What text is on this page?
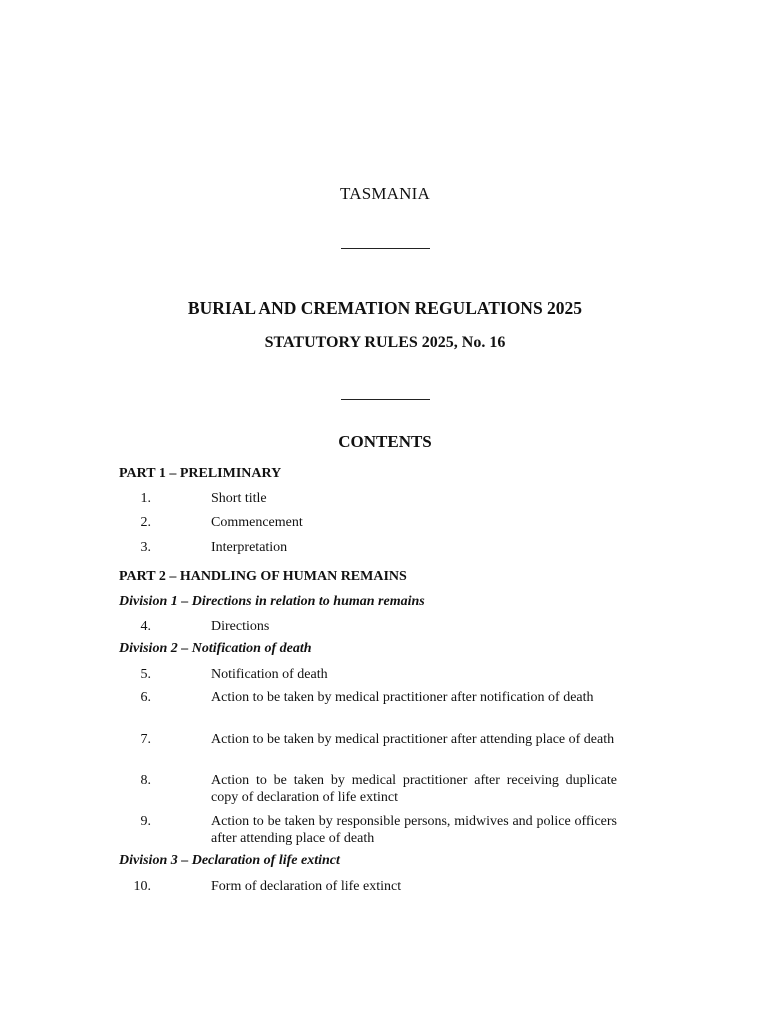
TASMANIA
BURIAL AND CREMATION REGULATIONS 2025
STATUTORY RULES 2025, No. 16
CONTENTS
PART 1 – PRELIMINARY
1.	Short title
2.	Commencement
3.	Interpretation
PART 2 – HANDLING OF HUMAN REMAINS
Division 1 – Directions in relation to human remains
4.	Directions
Division 2 – Notification of death
5.	Notification of death
6.	Action to be taken by medical practitioner after notification of death
7.	Action to be taken by medical practitioner after attending place of death
8.	Action to be taken by medical practitioner after receiving duplicate copy of declaration of life extinct
9.	Action to be taken by responsible persons, midwives and police officers after attending place of death
Division 3 – Declaration of life extinct
10.	Form of declaration of life extinct
